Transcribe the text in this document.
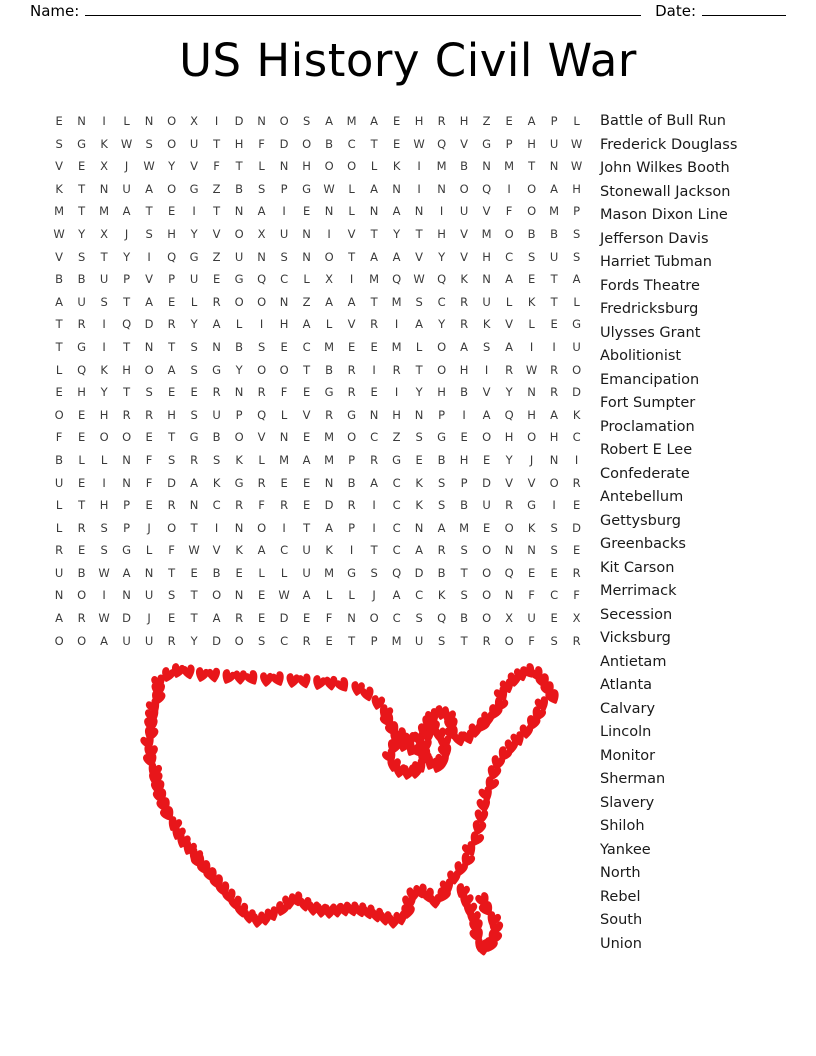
Name:	Date:
US History Civil War
E	N	I	L	N	O	X	I	D	N	O	S	A	M	A	E	H	R	H	Z	E	A	P	L
S	G	K	W	S	O	U	T	H	F	D	O	B	C	T	E	W	Q	V	G	P	H	U	W
V	E	X	J	W	Y	V	F	T	L	N	H	O	O	L	K	I	M	B	N	M	T	N	W
K	T	N	U	A	O	G	Z	B	S	P	G	W	L	A	N	I	N	O	Q	I	O	A	H
M	T	M	A	T	E	I	T	N	A	I	E	N	L	N	A	N	I	U	V	F	O	M	P
W	Y	X	J	S	H	Y	V	O	X	U	N	I	V	T	Y	T	H	V	M	O	B	B	S
V	S	T	Y	I	Q	G	Z	U	N	S	N	O	T	A	A	V	Y	V	H	C	S	U	S
B	B	U	P	V	P	U	E	G	Q	C	L	X	I	M	Q	W	Q	K	N	A	E	T	A
A	U	S	T	A	E	L	R	O	O	N	Z	A	A	T	M	S	C	R	U	L	K	T	L
T	R	I	Q	D	R	Y	A	L	I	H	A	L	V	R	I	A	Y	R	K	V	L	E	G
T	G	I	T	N	T	S	N	B	S	E	C	M	E	E	M	L	O	A	S	A	I	I	U
L	Q	K	H	O	A	S	G	Y	O	O	T	B	R	I	R	T	O	H	I	R	W	R	O
E	H	Y	T	S	E	E	R	N	R	F	E	G	R	E	I	Y	H	B	V	Y	N	R	D
O	E	H	R	R	H	S	U	P	Q	L	V	R	G	N	H	N	P	I	A	Q	H	A	K
F	E	O	O	E	T	G	B	O	V	N	E	M	O	C	Z	S	G	E	O	H	O	H	C
B	L	L	N	F	S	R	S	K	L	M	A	M	P	R	G	E	B	H	E	Y	J	N	I
U	E	I	N	F	D	A	K	G	R	E	E	N	B	A	C	K	S	P	D	V	V	O	R
L	T	H	P	E	R	N	C	R	F	R	E	D	R	I	C	K	S	B	U	R	G	I	E
L	R	S	P	J	O	T	I	N	O	I	T	A	P	I	C	N	A	M	E	O	K	S	D
R	E	S	G	L	F	W	V	K	A	C	U	K	I	T	C	A	R	S	O	N	N	S	E
U	B	W	A	N	T	E	B	E	L	L	U	M	G	S	Q	D	B	T	O	Q	E	E	R
N	O	I	N	U	S	T	O	N	E	W	A	L	L	J	A	C	K	S	O	N	F	C	F
A	R	W	D	J	E	T	A	R	E	D	E	F	N	O	C	S	Q	B	O	X	U	E	X
O	O	A	U	U	R	Y	D	O	S	C	R	E	T	P	M	U	S	T	R	O	F	S	R
Battle of Bull Run
Frederick Douglass
John Wilkes Booth
Stonewall Jackson
Mason Dixon Line
Jefferson Davis
Harriet Tubman
Fords Theatre
Fredricksburg
Ulysses Grant
Abolitionist
Emancipation
Fort Sumpter
Proclamation
Robert E Lee
Confederate
Antebellum
Gettysburg
Greenbacks
Kit Carson
Merrimack
Secession
Vicksburg
Antietam
Atlanta
Calvary
Lincoln
Monitor
Sherman
Slavery
Shiloh
Yankee
North
Rebel
South
Union
